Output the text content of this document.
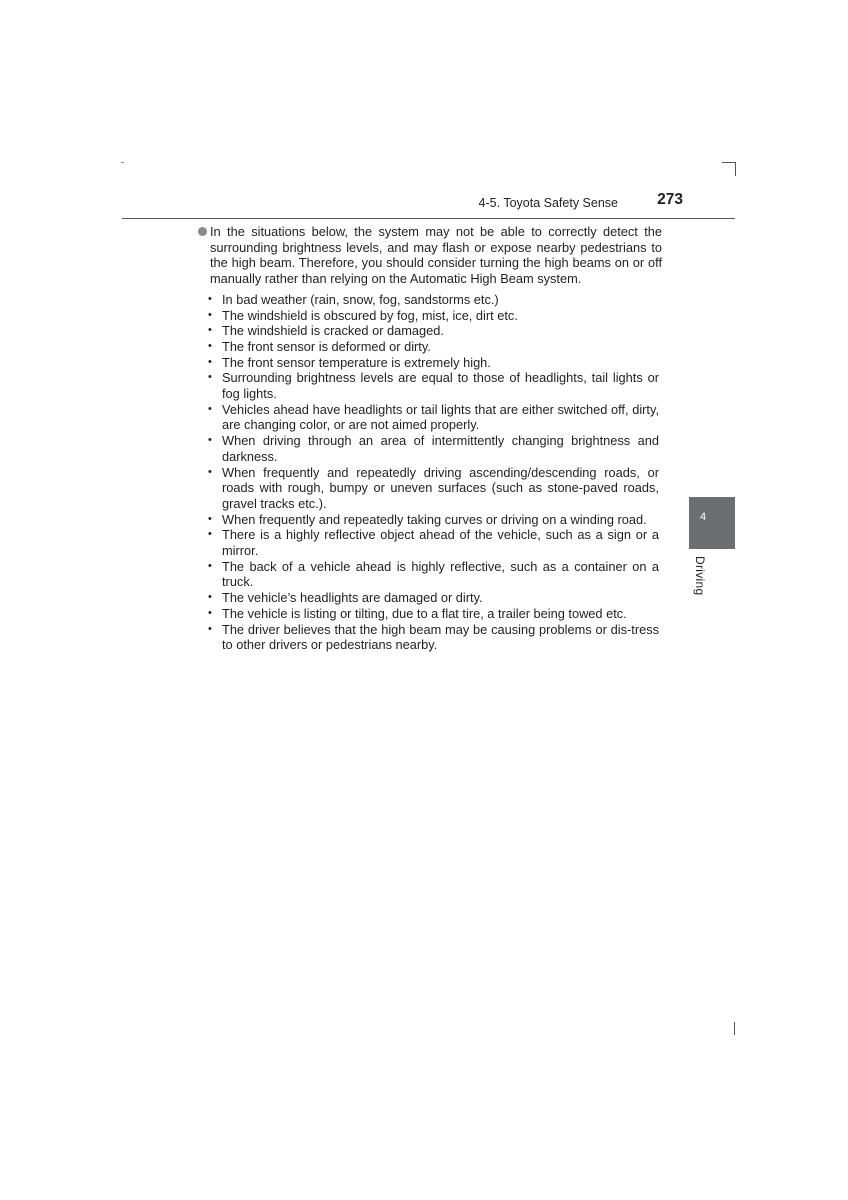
4-5. Toyota Safety Sense	273
4
Driving
In the situations below, the system may not be able to correctly detect the surrounding brightness levels, and may flash or expose nearby pedestrians to the high beam. Therefore, you should consider turning the high beams on or off manually rather than relying on the Automatic High Beam system.
• In bad weather (rain, snow, fog, sandstorms etc.)
• The windshield is obscured by fog, mist, ice, dirt etc.
• The windshield is cracked or damaged.
• The front sensor is deformed or dirty.
• The front sensor temperature is extremely high.
• Surrounding brightness levels are equal to those of headlights, tail lights or fog lights.
• Vehicles ahead have headlights or tail lights that are either switched off, dirty, are changing color, or are not aimed properly.
• When driving through an area of intermittently changing brightness and darkness.
• When frequently and repeatedly driving ascending/descending roads, or roads with rough, bumpy or uneven surfaces (such as stone-paved roads, gravel tracks etc.).
• When frequently and repeatedly taking curves or driving on a winding road.
• There is a highly reflective object ahead of the vehicle, such as a sign or a mirror.
• The back of a vehicle ahead is highly reflective, such as a container on a truck.
• The vehicle’s headlights are damaged or dirty.
• The vehicle is listing or tilting, due to a flat tire, a trailer being towed etc.
• The driver believes that the high beam may be causing problems or dis-tress to other drivers or pedestrians nearby.
